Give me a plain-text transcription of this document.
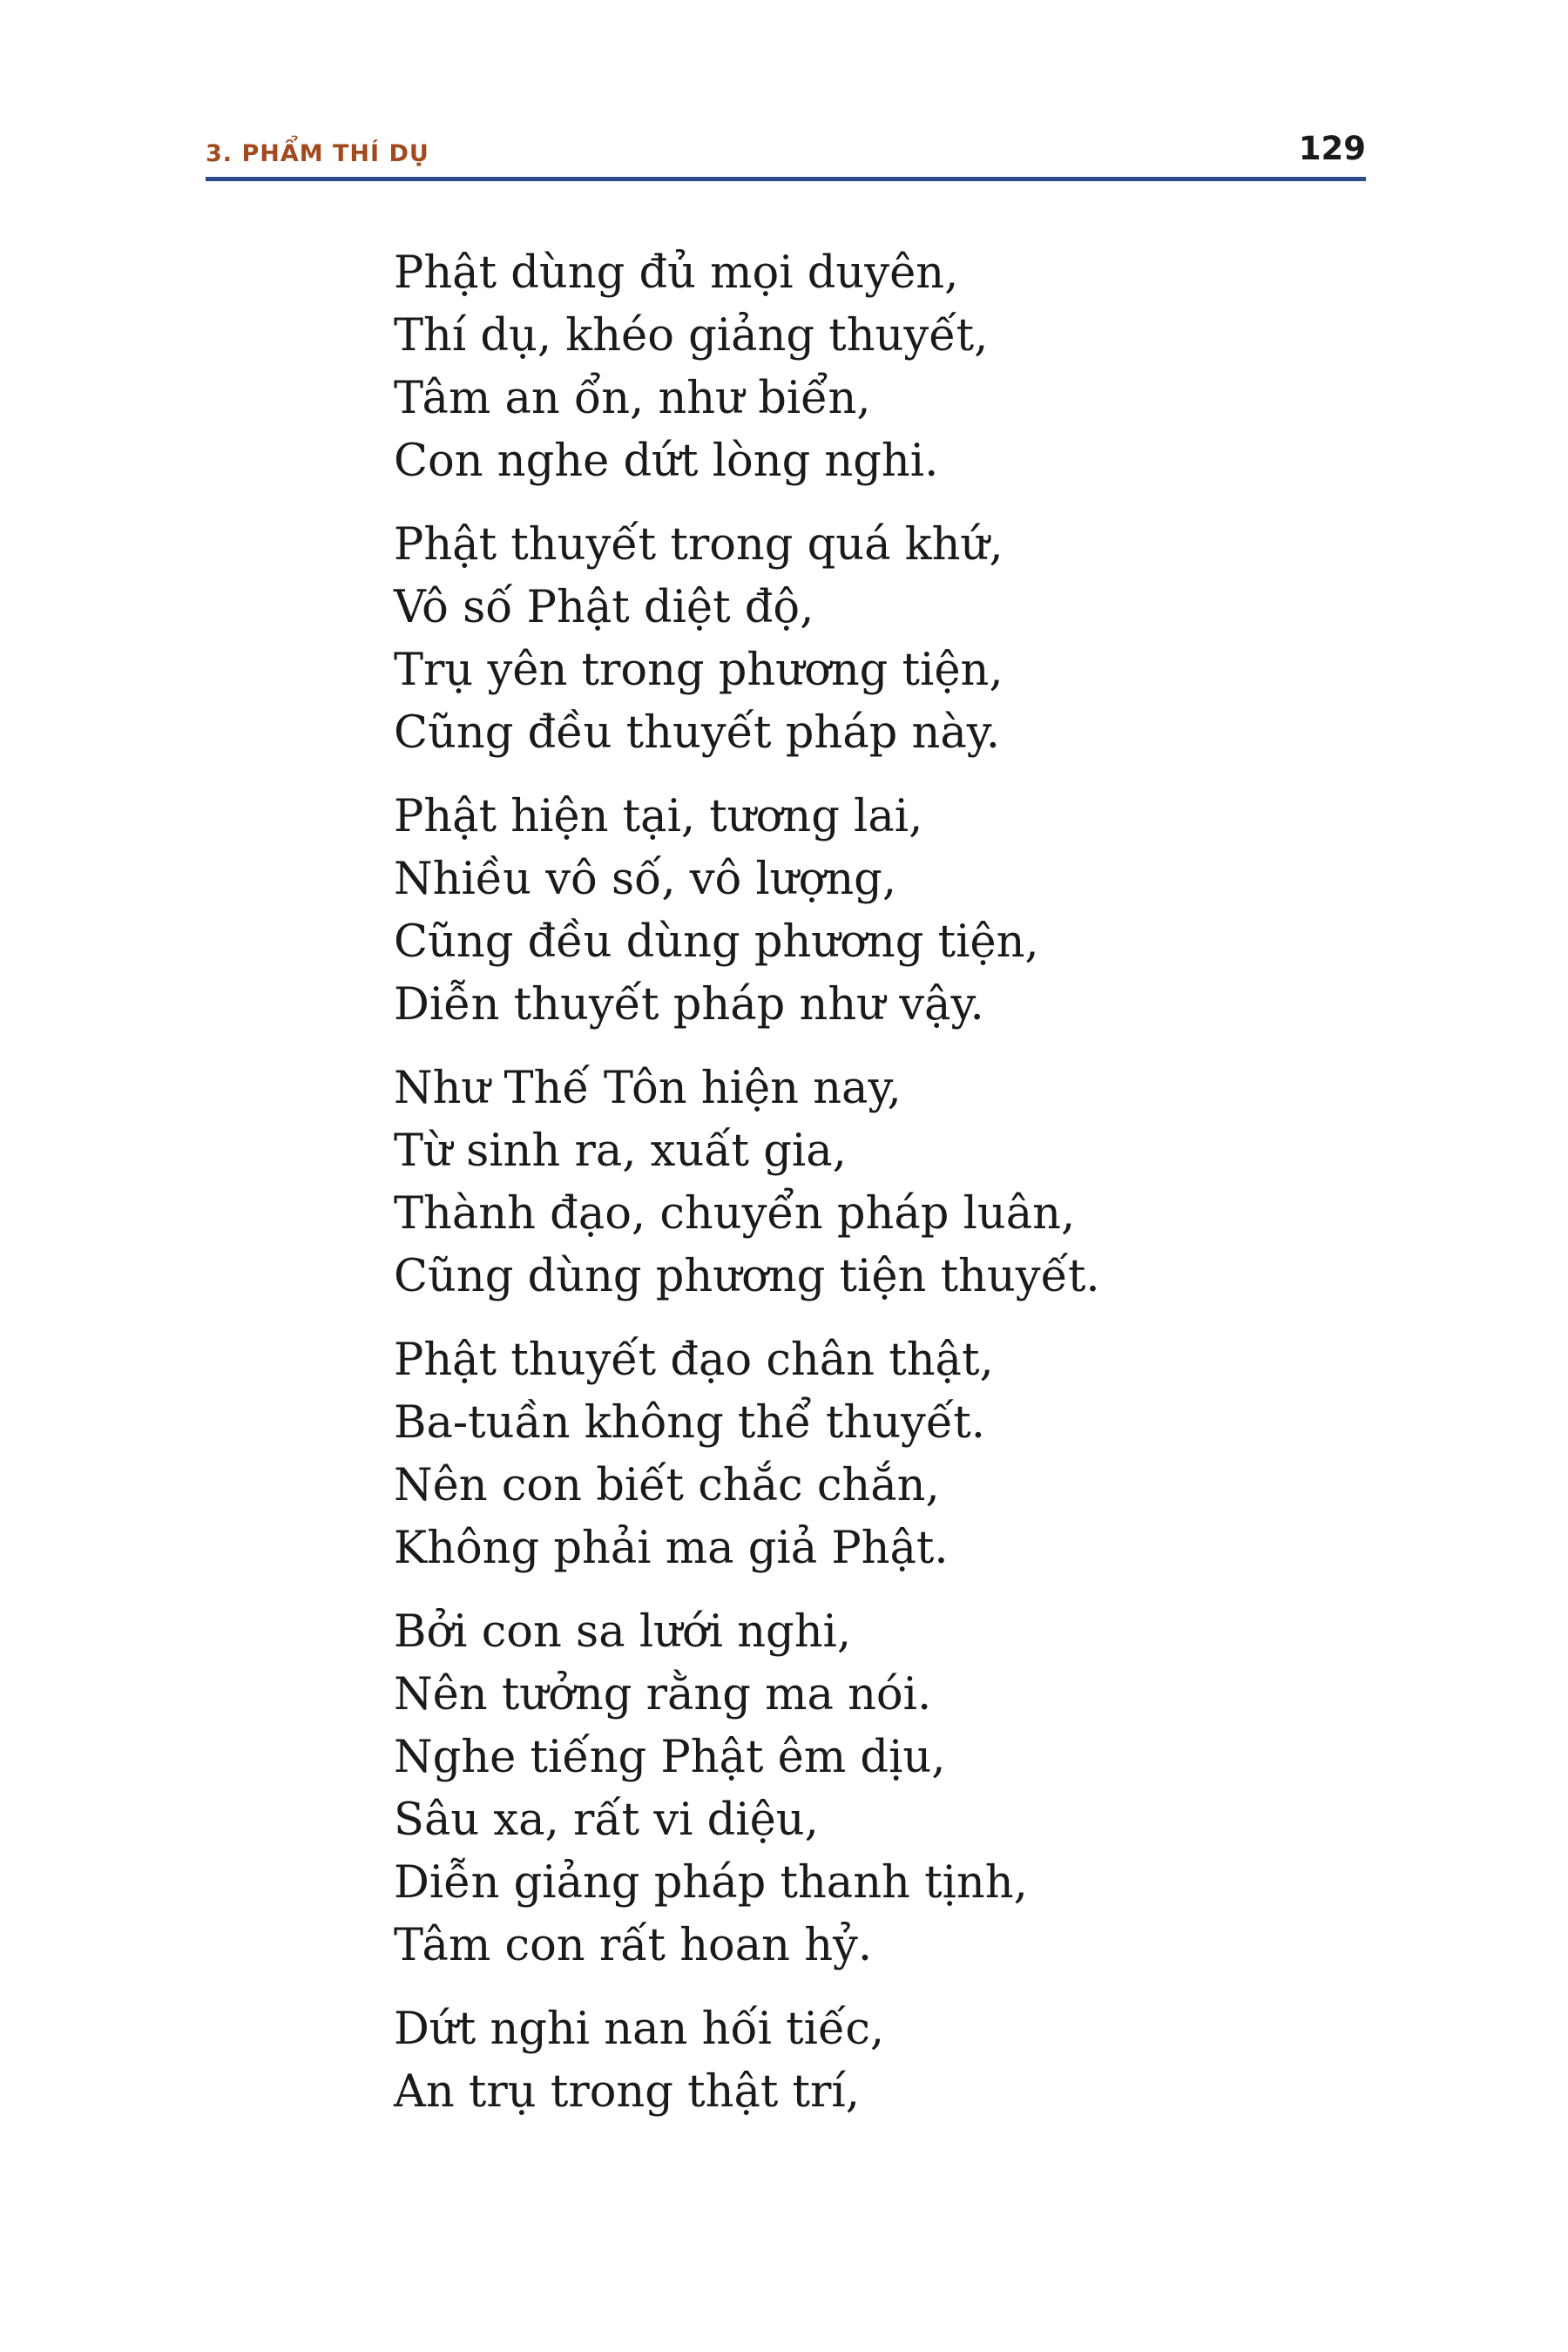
3. PHẨM THÍ DỤ	129
Phật dùng đủ mọi duyên,
Thí dụ, khéo giảng thuyết,
Tâm an ổn, như biển,
Con nghe dứt lòng nghi.
Phật thuyết trong quá khứ,
Vô số Phật diệt độ,
Trụ yên trong phương tiện,
Cũng đều thuyết pháp này.
Phật hiện tại, tương lai,
Nhiều vô số, vô lượng,
Cũng đều dùng phương tiện,
Diễn thuyết pháp như vậy.
Như Thế Tôn hiện nay,
Từ sinh ra, xuất gia,
Thành đạo, chuyển pháp luân,
Cũng dùng phương tiện thuyết.
Phật thuyết đạo chân thật,
Ba-tuần không thể thuyết.
Nên con biết chắc chắn,
Không phải ma giả Phật.
Bởi con sa lưới nghi,
Nên tưởng rằng ma nói.
Nghe tiếng Phật êm dịu,
Sâu xa, rất vi diệu,
Diễn giảng pháp thanh tịnh,
Tâm con rất hoan hỷ.
Dứt nghi nan hối tiếc,
An trụ trong thật trí,
